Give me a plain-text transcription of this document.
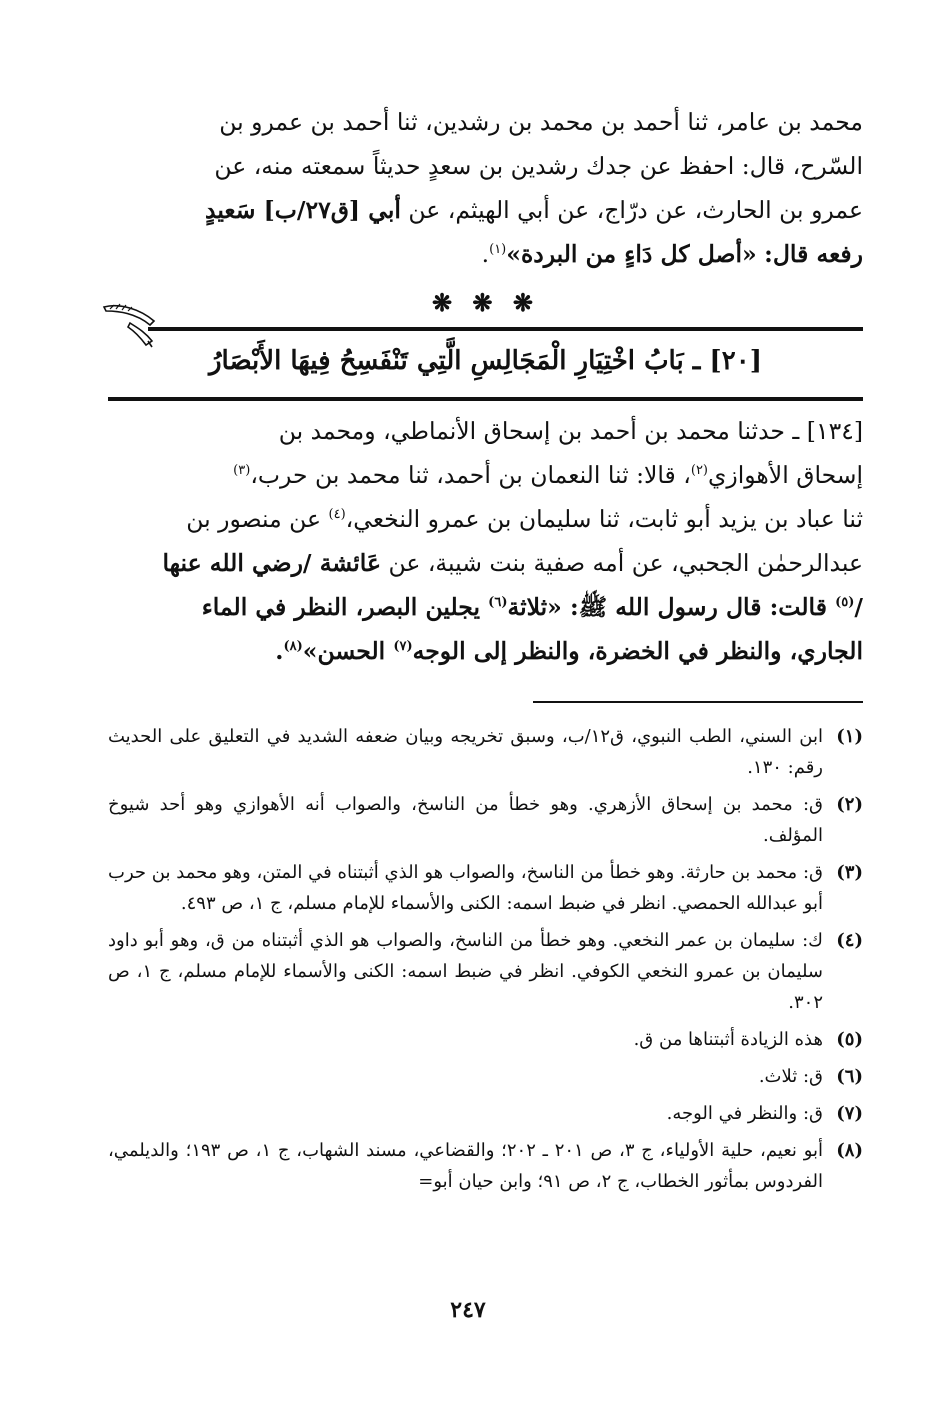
محمد بن عامر، ثنا أحمد بن محمد بن رشدين، ثنا أحمد بن عمرو بن

السّرح، قال: احفظ عن جدك رشدين بن سعدٍ حديثاً سمعته منه، عن

عمرو بن الحارث، عن درّاج، عن أبي الهيثم، عن أبي [ق٢٧/ب] سَعيدٍ

رفعه قال: «أصل كل دَاءٍ من البردة»$^{(١)}$.

❋ ❋ ❋

[٢٠] ـ بَابُ اخْتِيَارِ الْمَجَالِسِ الَّتِي تَنْفَسِحُ فِيهَا الأَبْصَارُ

[١٣٤] ـ حدثنا محمد بن أحمد بن إسحاق الأنماطي، ومحمد بن

إسحاق الأهوازي$^{(٢)}$، قالا: ثنا النعمان بن أحمد، ثنا محمد بن حرب،$^{(٣)}$

ثنا عباد بن يزيد أبو ثابت، ثنا سليمان بن عمرو النخعي،$^{(٤)}$ عن منصور بن

عبدالرحمٰن الجحبي، عن أمه صفية بنت شيبة، عن عَائشة /رضي الله عنها

/$^{(٥)}$ قالت: قال رسول الله ﷺ: «ثلاثة$^{(٦)}$ يجلين البصر، النظر في الماء

الجاري، والنظر في الخضرة، والنظر إلى الوجه$^{(٧)}$ الحسن»$^{(٨)}$.

(١)
ابن السني، الطب النبوي، ق١٢/ب، وسبق تخريجه وبيان ضعفه الشديد في التعليق على الحديث رقم: ١٣٠.
(٢)
ق: محمد بن إسحاق الأزهري. وهو خطأ من الناسخ، والصواب أنه الأهوازي وهو أحد شيوخ المؤلف.
(٣)
ق: محمد بن حارثة. وهو خطأ من الناسخ، والصواب هو الذي أثبتناه في المتن، وهو محمد بن حرب أبو عبدالله الحمصي. انظر في ضبط اسمه: الكنى والأسماء للإمام مسلم، ج ١، ص ٤٩٣.
(٤)
ك: سليمان بن عمر النخعي. وهو خطأ من الناسخ، والصواب هو الذي أثبتناه من ق، وهو أبو داود سليمان بن عمرو النخعي الكوفي. انظر في ضبط اسمه: الكنى والأسماء للإمام مسلم، ج ١، ص ٣٠٢.
(٥)
هذه الزيادة أثبتناها من ق.
(٦)
ق: ثلاث.
(٧)
ق: والنظر في الوجه.
(٨)
أبو نعيم، حلية الأولياء، ج ٣، ص ٢٠١ ـ ٢٠٢؛ والقضاعي، مسند الشهاب، ج ١، ص ١٩٣؛ والديلمي، الفردوس بمأثور الخطاب، ج ٢، ص ٩١؛ وابن حيان أبو=
٢٤٧
